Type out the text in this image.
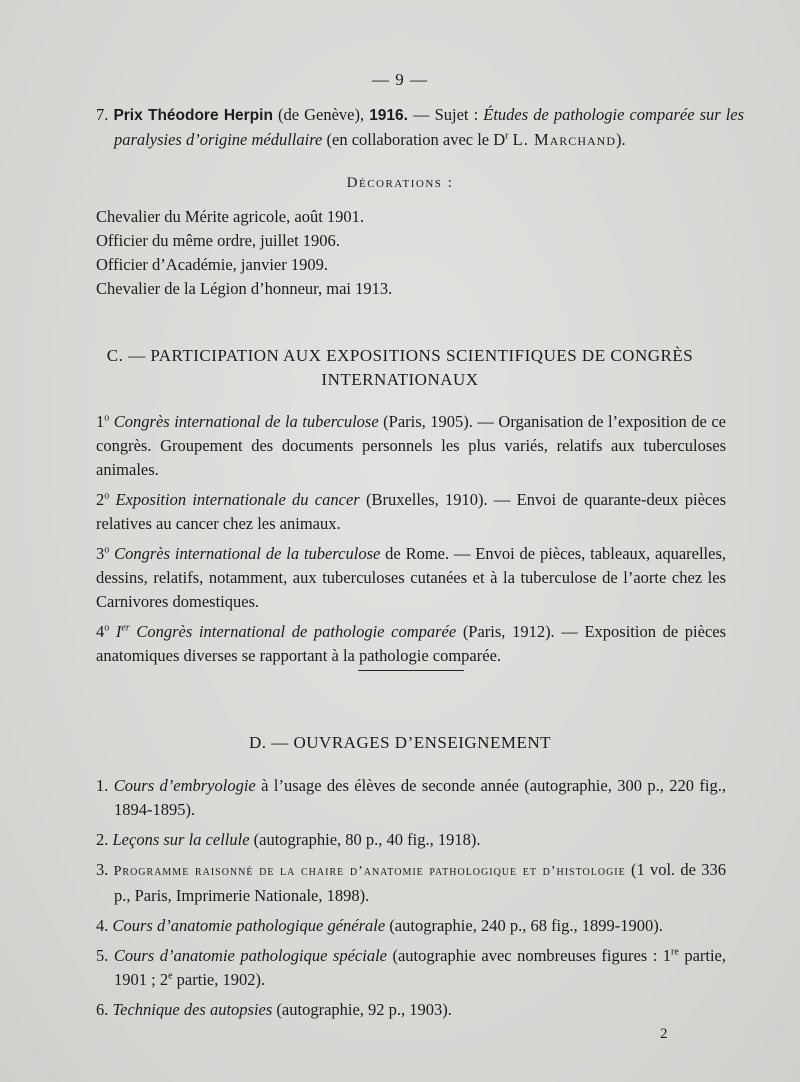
— 9 —
7. Prix Théodore Herpin (de Genève), 1916. — Sujet : Études de pathologie comparée sur les paralysies d’origine médullaire (en collaboration avec le $D^r$ L. Marchand).
Décorations :
Chevalier du Mérite agricole, août 1901.
Officier du même ordre, juillet 1906.
Officier d’Académie, janvier 1909.
Chevalier de la Légion d’honneur, mai 1913.
C. — PARTICIPATION AUX EXPOSITIONS SCIENTIFIQUES DE CONGRÈS
INTERNATIONAUX
1$^o$ Congrès international de la tuberculose (Paris, 1905). — Organisation de l’exposition de ce congrès. Groupement des documents personnels les plus variés, relatifs aux tuberculoses animales.
2$^o$ Exposition internationale du cancer (Bruxelles, 1910). — Envoi de quarante-deux pièces relatives au cancer chez les animaux.
3$^o$ Congrès international de la tuberculose de Rome. — Envoi de pièces, tableaux, aquarelles, dessins, relatifs, notamment, aux tuberculoses cutanées et à la tuberculose de l’aorte chez les Carnivores domestiques.
4$^o$ Ier Congrès international de pathologie comparée (Paris, 1912). — Exposition de pièces anatomiques diverses se rapportant à la pathologie comparée.
D. — OUVRAGES D’ENSEIGNEMENT
1. Cours d’embryologie à l’usage des élèves de seconde année (autographie, 300 p., 220 fig., 1894-1895).
2. Leçons sur la cellule (autographie, 80 p., 40 fig., 1918).
3. Programme raisonné de la chaire d’anatomie pathologique et d’histologie (1 vol. de 336 p., Paris, Imprimerie Nationale, 1898).
4. Cours d’anatomie pathologique générale (autographie, 240 p., 68 fig., 1899-1900).
5. Cours d’anatomie pathologique spéciale (autographie avec nombreuses figures : 1re partie, 1901 ; 2e partie, 1902).
6. Technique des autopsies (autographie, 92 p., 1903).
2
